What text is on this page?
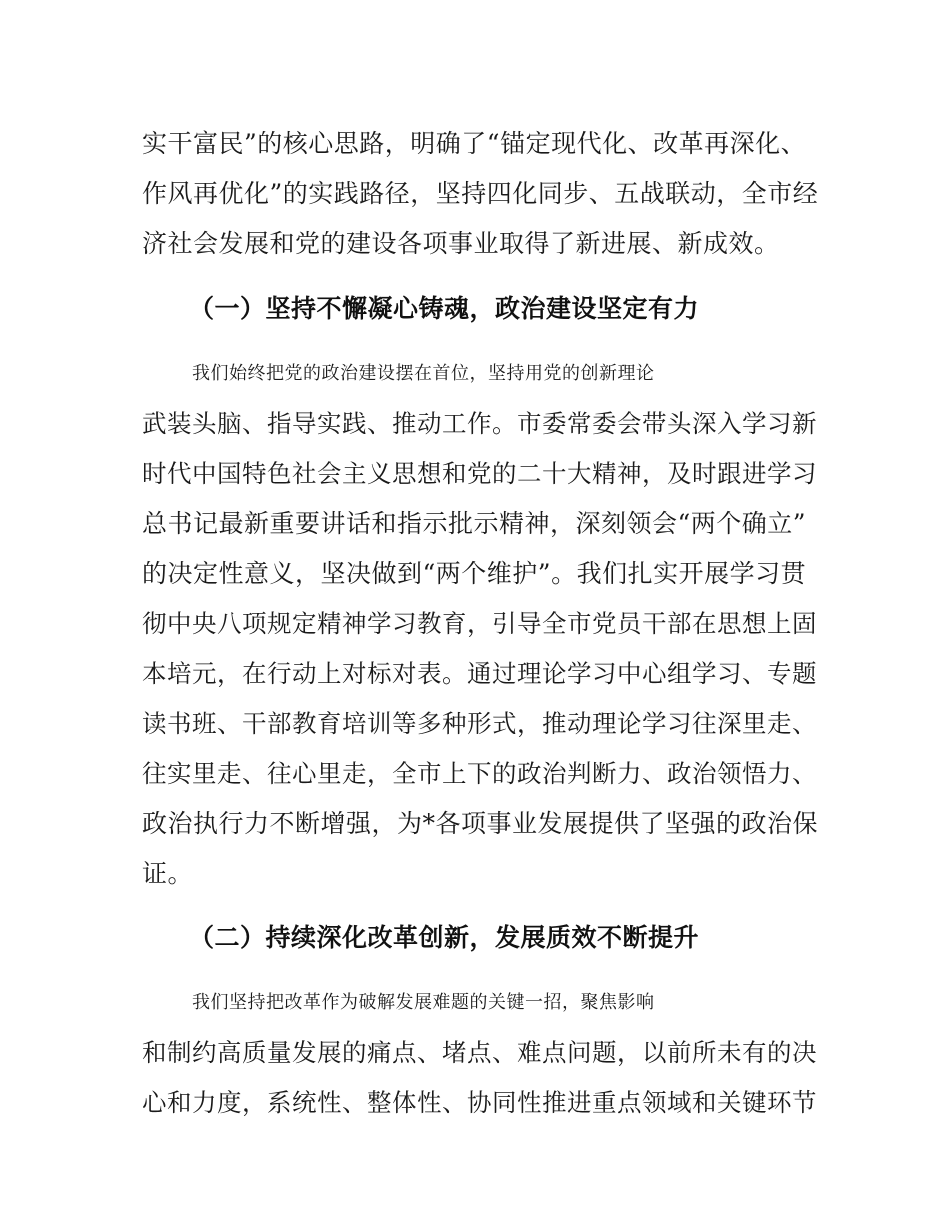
实干富民”的核心思路，明确了“锚定现代化、改革再深化、
作风再优化”的实践路径，坚持四化同步、五战联动，全市经
济社会发展和党的建设各项事业取得了新进展、新成效。
（一）坚持不懈凝心铸魂，政治建设坚定有力
我们始终把党的政治建设摆在首位，坚持用党的创新理论
武装头脑、指导实践、推动工作。市委常委会带头深入学习新
时代中国特色社会主义思想和党的二十大精神，及时跟进学习
总书记最新重要讲话和指示批示精神，深刻领会“两个确立”
的决定性意义，坚决做到“两个维护”。我们扎实开展学习贯
彻中央八项规定精神学习教育，引导全市党员干部在思想上固
本培元，在行动上对标对表。通过理论学习中心组学习、专题
读书班、干部教育培训等多种形式，推动理论学习往深里走、
往实里走、往心里走，全市上下的政治判断力、政治领悟力、
政治执行力不断增强，为*各项事业发展提供了坚强的政治保
证。
（二）持续深化改革创新，发展质效不断提升
我们坚持把改革作为破解发展难题的关键一招，聚焦影响
和制约高质量发展的痛点、堵点、难点问题，以前所未有的决
心和力度，系统性、整体性、协同性推进重点领域和关键环节
